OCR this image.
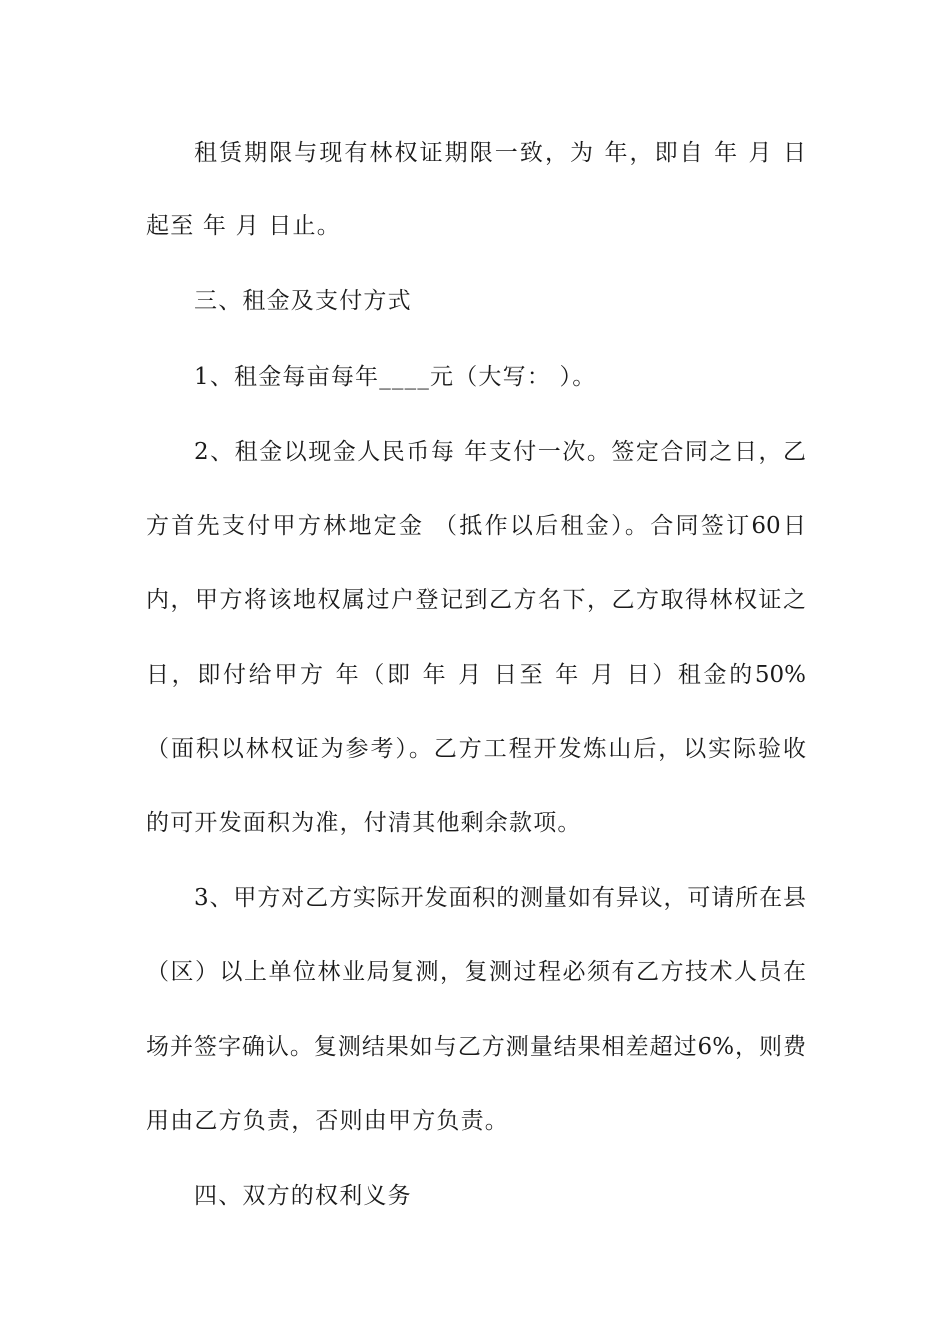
租赁期限与现有林权证期限一致，为 年，即自 年 月 日
起至 年 月 日止。
三、租金及支付方式
1、租金每亩每年____元（大写： ）。
2、租金以现金人民币每 年支付一次。签定合同之日，乙
方首先支付甲方林地定金 （抵作以后租金）。合同签订60日
内，甲方将该地权属过户登记到乙方名下，乙方取得林权证之
日，即付给甲方 年（即 年 月 日至 年 月 日）租金的50%
（面积以林权证为参考）。乙方工程开发炼山后，以实际验收
的可开发面积为准，付清其他剩余款项。
3、甲方对乙方实际开发面积的测量如有异议，可请所在县
（区）以上单位林业局复测，复测过程必须有乙方技术人员在
场并签字确认。复测结果如与乙方测量结果相差超过6%，则费
用由乙方负责，否则由甲方负责。
四、双方的权利义务
